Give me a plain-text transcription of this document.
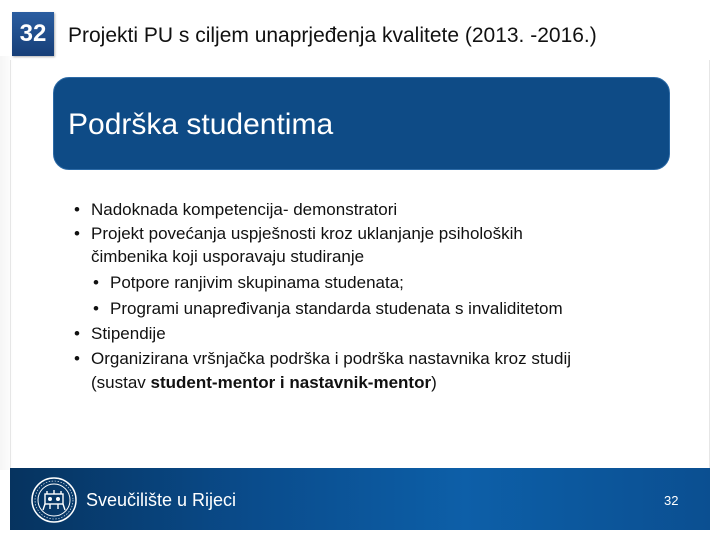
32	Projekti PU s ciljem unaprjeđenja kvalitete (2013. -2016.)
Podrška studentima
• Nadoknada kompetencija- demonstratori
• Projekt povećanja uspješnosti kroz uklanjanje psiholoških
čimbenika koji usporavaju studiranje
• Potpore ranjivim skupinama studenata;
• Programi unapređivanja standarda studenata s invaliditetom
• Stipendije
• Organizirana vršnjačka podrška i podrška nastavnika kroz studij
(sustav student-mentor i nastavnik-mentor)
Sveučilište u Rijeci	32
